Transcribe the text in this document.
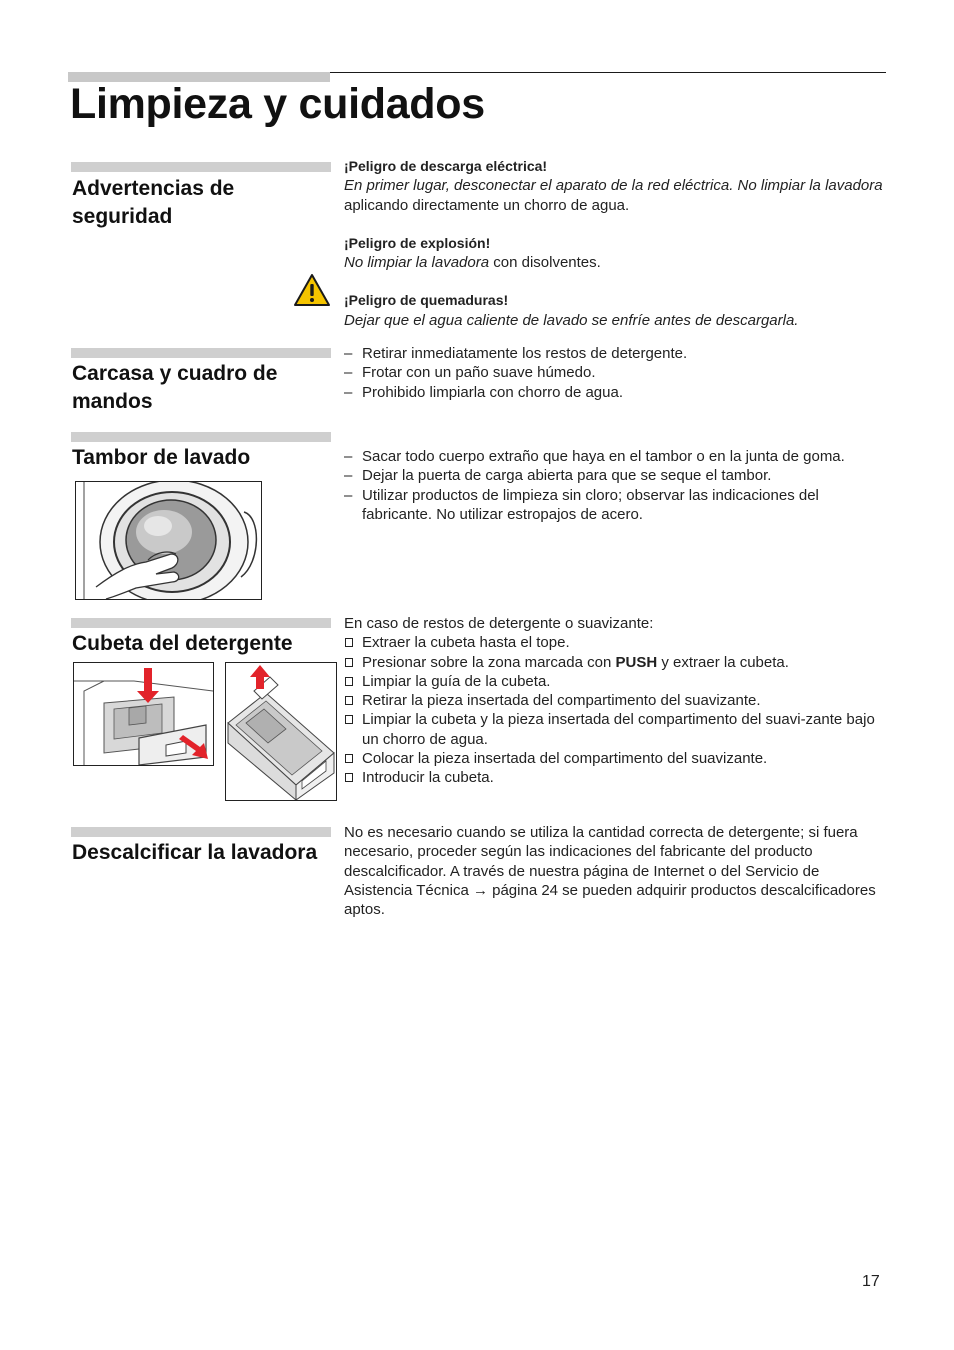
Limpieza y cuidados
Advertencias de seguridad

¡Peligro de descarga eléctrica!

En primer lugar, desconectar el aparato de la red eléctrica. No limpiar la lavadora aplicando directamente un chorro de agua.

¡Peligro de explosión!

No limpiar la lavadora con disolventes.

¡Peligro de quemaduras!

Dejar que el agua caliente de lavado se enfríe antes de descargarla.

Carcasa y cuadro de mandos
– Retirar inmediatamente los restos de detergente.
– Frotar con un paño suave húmedo.
– Prohibido limpiarla con chorro de agua.
Tambor de lavado
–	Sacar todo cuerpo extraño que haya en el tambor o en la junta de goma.
– Dejar la puerta de carga abierta para que se seque el tambor.
– Utilizar productos de limpieza sin cloro; observar las indicaciones del fabricante. No utilizar estropajos de acero.
Cubeta del detergente

En caso de restos de detergente o suavizante:

Extraer la cubeta hasta el tope.
Presionar sobre la zona marcada con PUSH y extraer la cubeta.
Limpiar la guía de la cubeta.
Retirar la pieza insertada del compartimento del suavizante.
Limpiar la cubeta y la pieza insertada del compartimento del suavi-zante bajo un chorro de agua.
Colocar la pieza insertada del compartimento del suavizante.
Introducir la cubeta.
Descalcificar la lavadora

No es necesario cuando se utiliza la cantidad correcta de detergente; si fuera necesario, proceder según las indicaciones del fabricante del producto descalcificador. A través de nuestra página de Internet o del Servicio de Asistencia Técnica → página 24 se pueden adquirir productos descalcificadores aptos.

17
